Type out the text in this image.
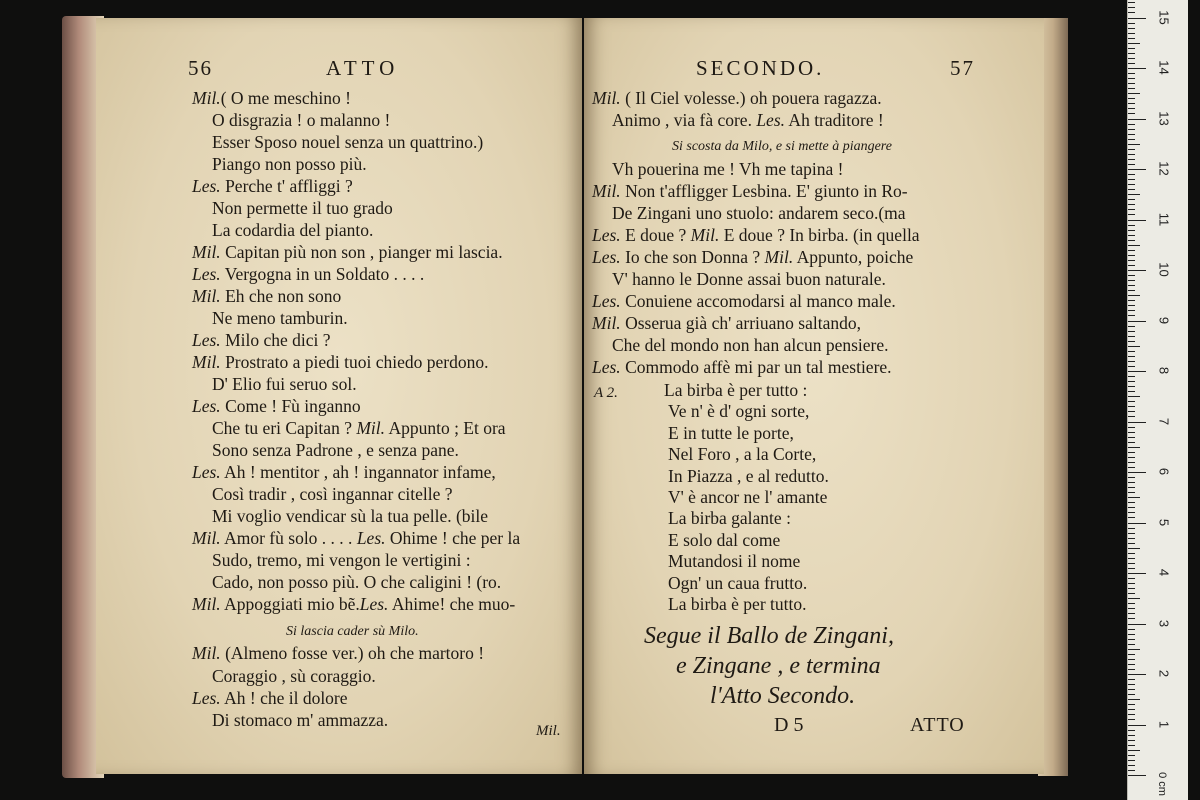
56	ATTO
Mil.( O me meschino !
O disgrazia ! o malanno !
Esser Sposo nouel senza un quattrino.)
Piango non posso più.
Les. Perche t' affliggi ?
Non permette il tuo grado
La codardia del pianto.
Mil. Capitan più non son , pianger mi lascia.
Les. Vergogna in un Soldato . . . .
Mil. Eh che non sono
Ne meno tamburin.
Les. Milo che dici ?
Mil. Prostrato a piedi tuoi chiedo perdono.
D' Elio fui seruo sol.
Les. Come ! Fù inganno
Che tu eri Capitan ? Mil. Appunto ; Et ora
Sono senza Padrone , e senza pane.
Les. Ah ! mentitor , ah ! ingannator infame,
Così tradir , così ingannar citelle ?
Mi voglio vendicar sù la tua pelle. (bile
Mil. Amor fù solo . . . . Les. Ohime ! che per la
Sudo, tremo, mi vengon le vertigini :
Cado, non posso più. O che caligini ! (ro.
Mil. Appoggiati mio bẽ.Les. Ahime! che muo-
Si lascia cader sù Milo.
Mil. (Almeno fosse ver.) oh che martoro !
Coraggio , sù coraggio.
Les. Ah ! che il dolore
Di stomaco m' ammazza.
Mil.
SECONDO.	57
Mil. ( Il Ciel volesse.) oh pouera ragazza.
Animo , via fà core. Les. Ah traditore !
Si scosta da Milo, e si mette à piangere
Vh pouerina me ! Vh me tapina !
Mil. Non t'affligger Lesbina. E' giunto in Ro-
De Zingani uno stuolo: andarem seco.(ma
Les. E doue ? Mil. E doue ? In birba. (in quella
Les. Io che son Donna ? Mil. Appunto, poiche
V' hanno le Donne assai buon naturale.
Les. Conuiene accomodarsi al manco male.
Mil. Osserua già ch' arriuano saltando,
Che del mondo non han alcun pensiere.
Les. Commodo affè mi par un tal mestiere.
A 2.	La birba è per tutto :
Ve n' è d' ogni sorte,
E in tutte le porte,
Nel Foro , a la Corte,
In Piazza , e al redutto.
V' è ancor ne l' amante
La birba galante :
E solo dal come
Mutandosi il nome
Ogn' un caua frutto.
La birba è per tutto.
Segue il Ballo de Zingani,
e Zingane , e termina
l'Atto Secondo.
D 5	ATTO
0 cm
1
2
3
4
5
6
7
8
9
10
11
12
13
14
15
